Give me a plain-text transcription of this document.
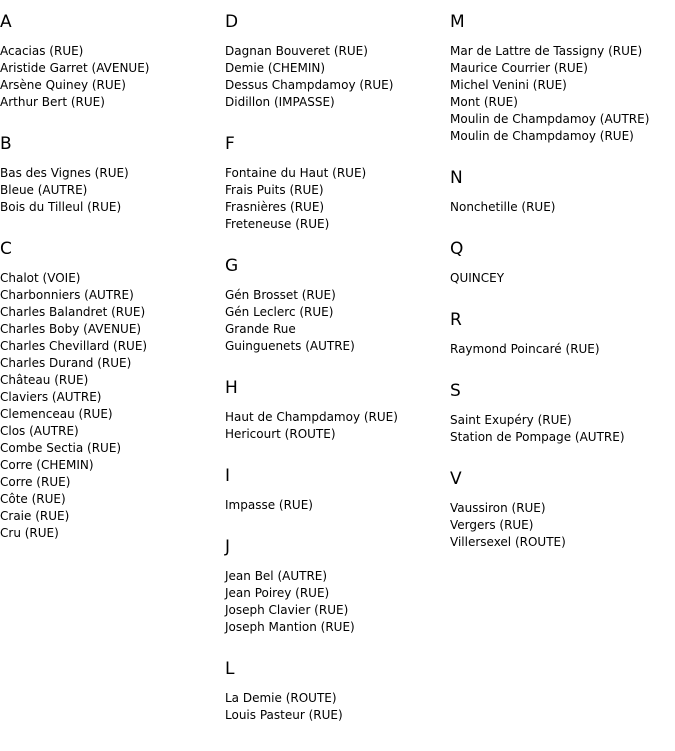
A
Acacias (RUE)
Aristide Garret (AVENUE)
Arsène Quiney (RUE)
Arthur Bert (RUE)
B
Bas des Vignes (RUE)
Bleue (AUTRE)
Bois du Tilleul (RUE)
C
Chalot (VOIE)
Charbonniers (AUTRE)
Charles Balandret (RUE)
Charles Boby (AVENUE)
Charles Chevillard (RUE)
Charles Durand (RUE)
Château (RUE)
Claviers (AUTRE)
Clemenceau (RUE)
Clos (AUTRE)
Combe Sectia (RUE)
Corre (CHEMIN)
Corre (RUE)
Côte (RUE)
Craie (RUE)
Cru (RUE)
D
Dagnan Bouveret (RUE)
Demie (CHEMIN)
Dessus Champdamoy (RUE)
Didillon (IMPASSE)
F
Fontaine du Haut (RUE)
Frais Puits (RUE)
Frasnières (RUE)
Freteneuse (RUE)
G
Gén Brosset (RUE)
Gén Leclerc (RUE)
Grande Rue
Guinguenets (AUTRE)
H
Haut de Champdamoy (RUE)
Hericourt (ROUTE)
I
Impasse (RUE)
J
Jean Bel (AUTRE)
Jean Poirey (RUE)
Joseph Clavier (RUE)
Joseph Mantion (RUE)
L
La Demie (ROUTE)
Louis Pasteur (RUE)
M
Mar de Lattre de Tassigny (RUE)
Maurice Courrier (RUE)
Michel Venini (RUE)
Mont (RUE)
Moulin de Champdamoy (AUTRE)
Moulin de Champdamoy (RUE)
N
Nonchetille (RUE)
Q
QUINCEY
R
Raymond Poincaré (RUE)
S
Saint Exupéry (RUE)
Station de Pompage (AUTRE)
V
Vaussiron (RUE)
Vergers (RUE)
Villersexel (ROUTE)
